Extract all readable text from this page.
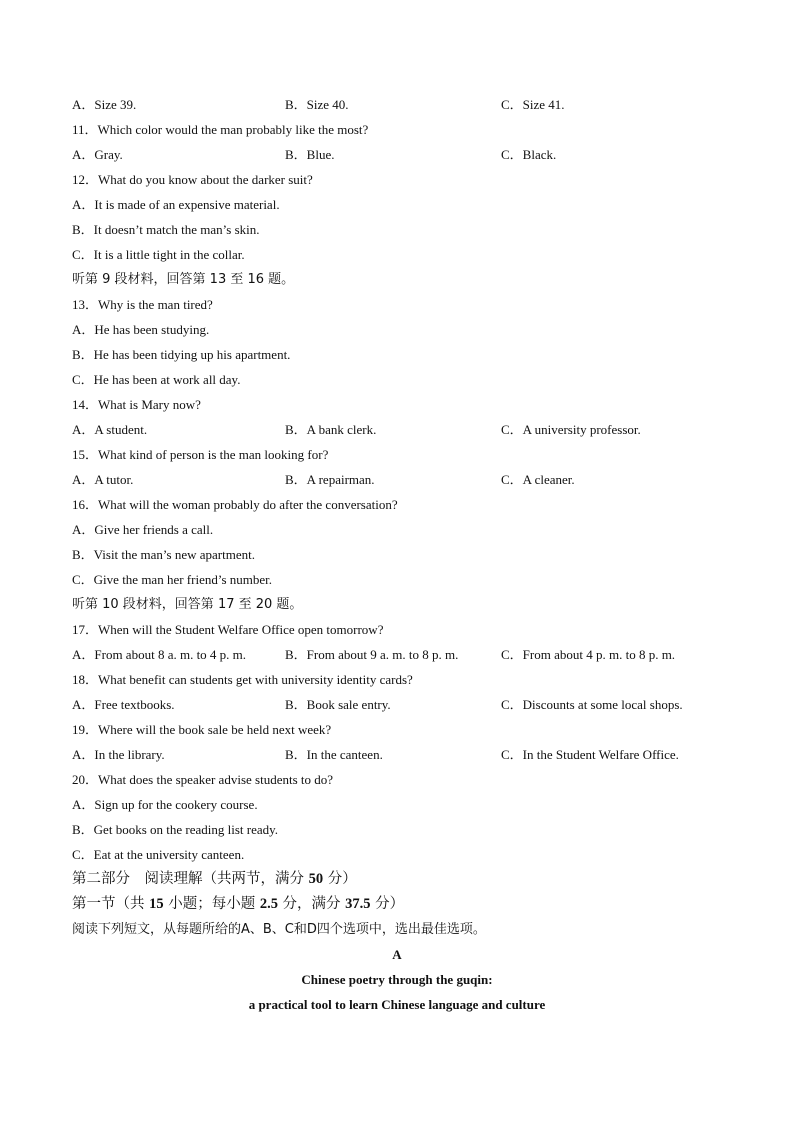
A．Size 39.	B．Size 40.	C．Size 41.
11．Which color would the man probably like the most?
A．Gray.	B．Blue.	C．Black.
12．What do you know about the darker suit?
A．It is made of an expensive material.
B．It doesn’t match the man’s skin.
C．It is a little tight in the collar.
听第 9 段材料，回答第 13 至 16 题。
13．Why is the man tired?
A．He has been studying.
B．He has been tidying up his apartment.
C．He has been at work all day.
14．What is Mary now?
A．A student.	B．A bank clerk.	C．A university professor.
15．What kind of person is the man looking for?
A．A tutor.	B．A repairman.	C．A cleaner.
16．What will the woman probably do after the conversation?
A．Give her friends a call.
B．Visit the man’s new apartment.
C．Give the man her friend’s number.
听第 10 段材料，回答第 17 至 20 题。
17．When will the Student Welfare Office open tomorrow?
A．From about 8 a. m. to 4 p. m.	B．From about 9 a. m. to 8 p. m.	C．From about 4 p. m. to 8 p. m.
18．What benefit can students get with university identity cards?
A．Free textbooks.	B．Book sale entry.	C．Discounts at some local shops.
19．Where will the book sale be held next week?
A．In the library.	B．In the canteen.	C．In the Student Welfare Office.
20．What does the speaker advise students to do?
A．Sign up for the cookery course.
B．Get books on the reading list ready.
C．Eat at the university canteen.
第二部分　阅读理解（共两节，满分 50 分）
第一节（共 15 小题；每小题 2.5 分，满分 37.5 分）
阅读下列短文，从每题所给的A、B、C和D四个选项中，选出最佳选项。
A
Chinese poetry through the guqin:
a practical tool to learn Chinese language and culture
